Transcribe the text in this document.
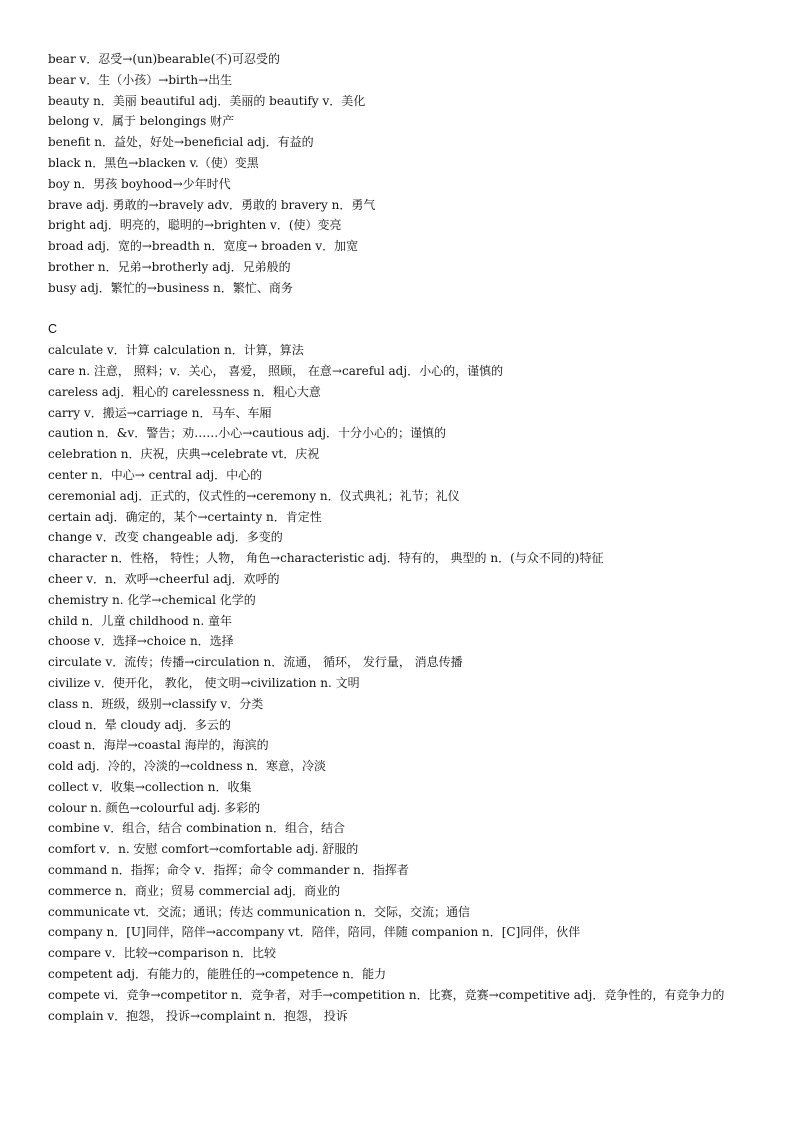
bear v．忍受→(un)bearable(不)可忍受的
bear v．生（小孩）→birth→出生
beauty n．美丽 beautiful adj．美丽的 beautify v．美化
belong v．属于 belongings 财产
benefit n．益处，好处→beneficial adj．有益的
black n．黑色→blacken v.（使）变黑
boy n．男孩 boyhood→少年时代
brave adj. 勇敢的→bravely adv．勇敢的 bravery n．勇气
bright adj．明亮的，聪明的→brighten v．(使）变亮
broad adj．宽的→breadth n．宽度→ broaden v．加宽
brother n．兄弟→brotherly adj．兄弟般的
busy adj．繁忙的→business n．繁忙、商务
C
calculate v．计算 calculation n．计算，算法
care n. 注意， 照料；v．关心， 喜爱， 照顾， 在意→careful adj．小心的，谨慎的
careless adj．粗心的 carelessness n．粗心大意
carry v．搬运→carriage n．马车、车厢
caution n．&v．警告；劝……小心→cautious adj．十分小心的；谨慎的
celebration n．庆祝，庆典→celebrate vt．庆祝
center n．中心→ central adj．中心的
ceremonial adj．正式的，仪式性的→ceremony n．仪式典礼；礼节；礼仪
certain adj．确定的，某个→certainty n．肯定性
change v．改变 changeable adj．多变的
character n．性格， 特性；人物， 角色→characteristic adj．特有的， 典型的 n．(与众不同的)特征
cheer v．n．欢呼→cheerful adj．欢呼的
chemistry n. 化学→chemical 化学的
child n．儿童 childhood n. 童年
choose v．选择→choice n．选择
circulate v．流传；传播→circulation n．流通， 循环， 发行量， 消息传播
civilize v．使开化， 教化， 使文明→civilization n. 文明
class n．班级，级别→classify v．分类
cloud n．晕 cloudy adj．多云的
coast n．海岸→coastal 海岸的，海滨的
cold adj．冷的，冷淡的→coldness n．寒意，冷淡
collect v．收集→collection n．收集
colour n. 颜色→colourful adj. 多彩的
combine v．组合，结合 combination n．组合，结合
comfort v．n. 安慰 comfort→comfortable adj. 舒服的
command n．指挥；命令 v．指挥；命令 commander n．指挥者
commerce n．商业；贸易 commercial adj．商业的
communicate vt．交流；通讯；传达 communication n．交际，交流；通信
company n．[U]同伴，陪伴→accompany vt．陪伴，陪同，伴随 companion n．[C]同伴，伙伴
compare v．比较→comparison n．比较
competent adj．有能力的，能胜任的→competence n．能力
compete vi．竞争→competitor n．竞争者，对手→competition n．比赛，竞赛→competitive adj．竞争性的，有竞争力的
complain v．抱怨， 投诉→complaint n．抱怨， 投诉
